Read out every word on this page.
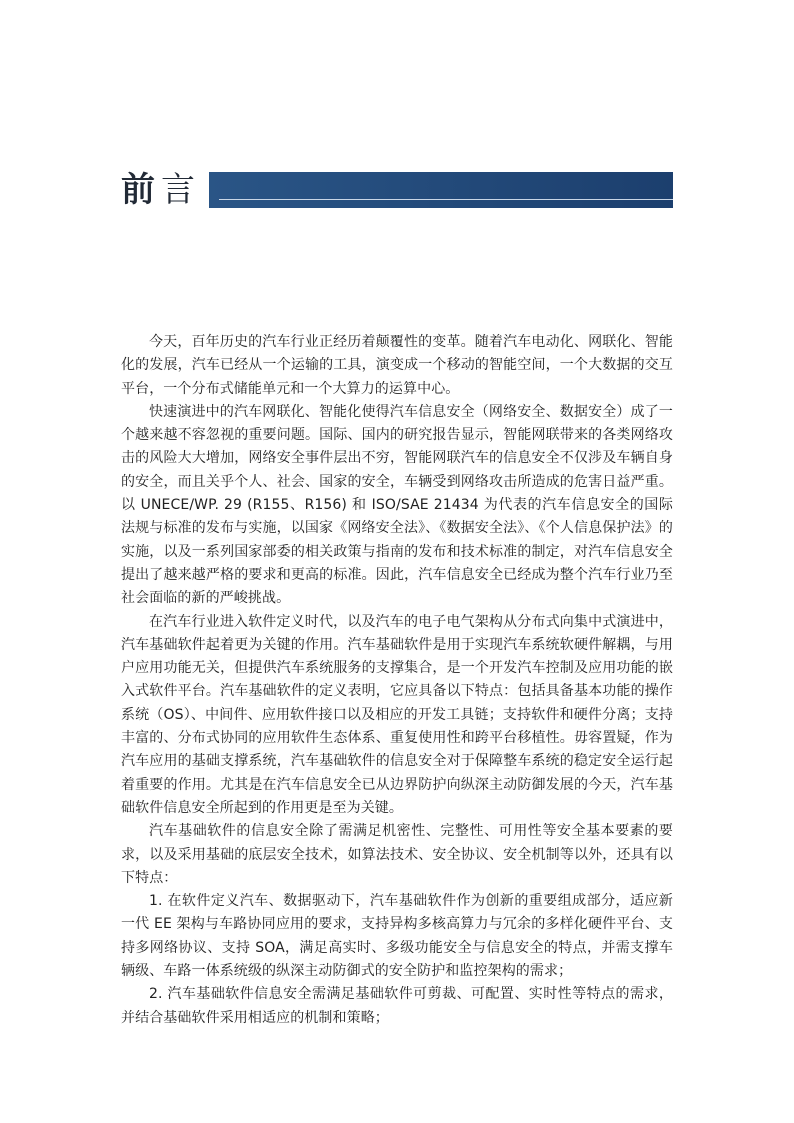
前 言

今天，百年历史的汽车行业正经历着颠覆性的变革。随着汽车电动化、网联化、智能化的发展，汽车已经从一个运输的工具，演变成一个移动的智能空间，一个大数据的交互平台，一个分布式储能单元和一个大算力的运算中心。

快速演进中的汽车网联化、智能化使得汽车信息安全（网络安全、数据安全）成了一个越来越不容忽视的重要问题。国际、国内的研究报告显示，智能网联带来的各类网络攻击的风险大大增加，网络安全事件层出不穷，智能网联汽车的信息安全不仅涉及车辆自身的安全，而且关乎个人、社会、国家的安全，车辆受到网络攻击所造成的危害日益严重。 以 UNECE/WP. 29 (R155、R156) 和 ISO/SAE 21434 为代表的汽车信息安全的国际法规与标准的发布与实施，以国家《网络安全法》、《数据安全法》、《个人信息保护法》的实施，以及一系列国家部委的相关政策与指南的发布和技术标准的制定，对汽车信息安全提出了越来越严格的要求和更高的标准。因此，汽车信息安全已经成为整个汽车行业乃至社会面临的新的严峻挑战。

在汽车行业进入软件定义时代，以及汽车的电子电气架构从分布式向集中式演进中，汽车基础软件起着更为关键的作用。汽车基础软件是用于实现汽车系统软硬件解耦，与用户应用功能无关，但提供汽车系统服务的支撑集合，是一个开发汽车控制及应用功能的嵌入式软件平台。汽车基础软件的定义表明，它应具备以下特点：包括具备基本功能的操作系统（OS）、中间件、应用软件接口以及相应的开发工具链；支持软件和硬件分离；支持丰富的、分布式协同的应用软件生态体系、重复使用性和跨平台移植性。毋容置疑，作为汽车应用的基础支撑系统，汽车基础软件的信息安全对于保障整车系统的稳定安全运行起着重要的作用。尤其是在汽车信息安全已从边界防护向纵深主动防御发展的今天，汽车基础软件信息安全所起到的作用更是至为关键。

汽车基础软件的信息安全除了需满足机密性、完整性、可用性等安全基本要素的要求，以及采用基础的底层安全技术，如算法技术、安全协议、安全机制等以外，还具有以下特点：

1. 在软件定义汽车、数据驱动下，汽车基础软件作为创新的重要组成部分，适应新一代 EE 架构与车路协同应用的要求，支持异构多核高算力与冗余的多样化硬件平台、支持多网络协议、支持 SOA，满足高实时、多级功能安全与信息安全的特点，并需支撑车辆级、车路一体系统级的纵深主动防御式的安全防护和监控架构的需求；

2. 汽车基础软件信息安全需满足基础软件可剪裁、可配置、实时性等特点的需求，并结合基础软件采用相适应的机制和策略；
